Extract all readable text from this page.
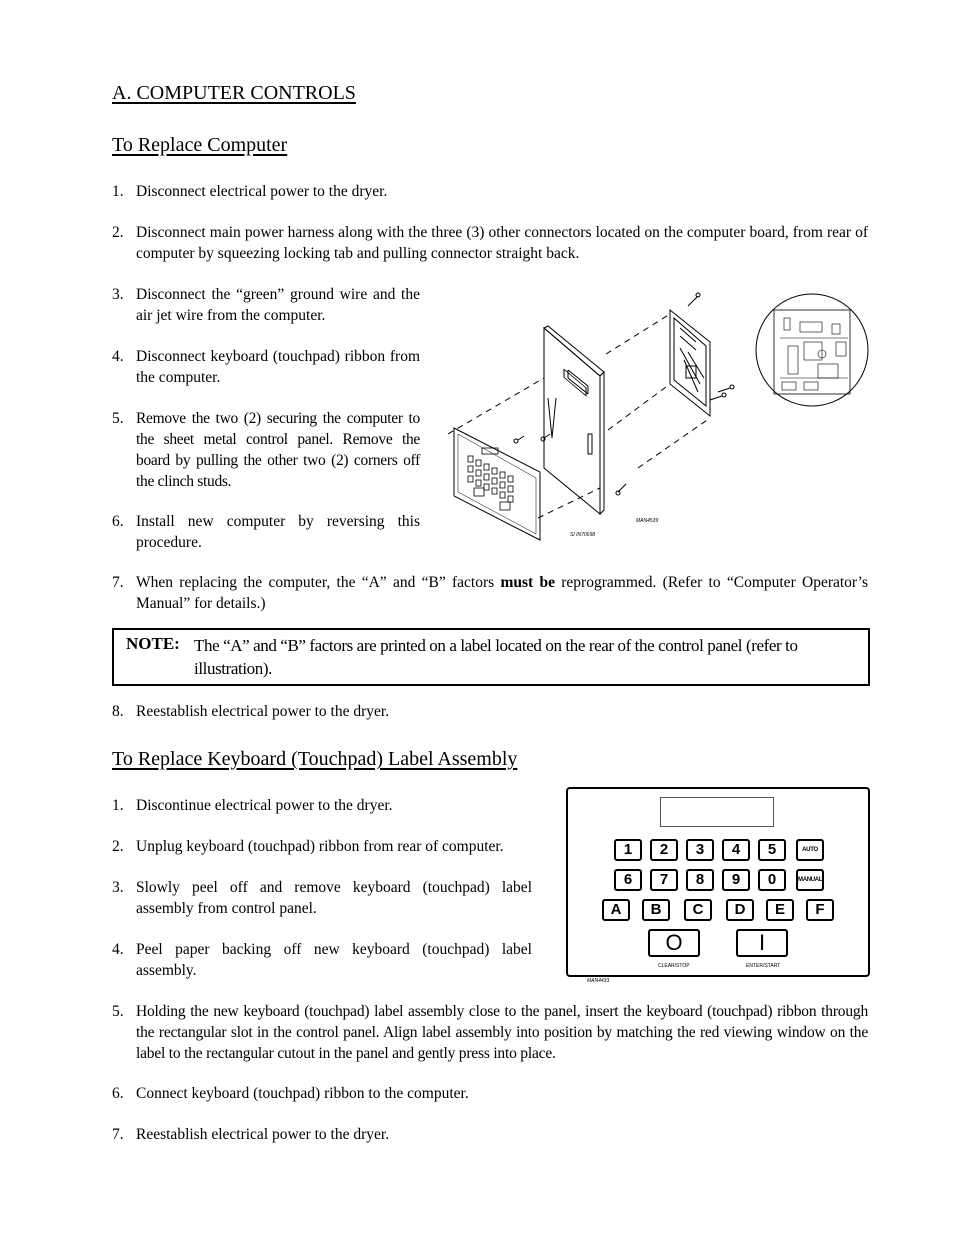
A. COMPUTER CONTROLS
To Replace Computer
1. Disconnect electrical power to the dryer.
2. Disconnect main power harness along with the three (3) other connectors located on the computer board, from rear of computer by squeezing locking tab and pulling connector straight back.
3. Disconnect the “green” ground wire and the air jet wire from the computer.
4. Disconnect keyboard (touchpad) ribbon from the computer.
5. Remove the two (2) securing the computer to the sheet metal control panel. Remove the board by pulling the other two (2) corners off the clinch studs.
6. Install new computer by reversing this procedure.
7. When replacing the computer, the “A” and “B” factors must be reprogrammed. (Refer to “Computer Operator’s Manual” for details.)
NOTE: The “A” and “B” factors are printed on a label located on the rear of the control panel (refer to illustration).
8. Reestablish electrical power to the dryer.
MAN4539
SI IN70698
To Replace Keyboard (Touchpad) Label Assembly
1. Discontinue electrical power to the dryer.
2. Unplug keyboard (touchpad) ribbon from rear of computer.
3. Slowly peel off and remove keyboard (touchpad) label assembly from control panel.
4. Peel paper backing off new keyboard (touchpad) label assembly.
5. Holding the new keyboard (touchpad) label assembly close to the panel, insert the keyboard (touchpad) ribbon through the rectangular slot in the control panel. Align label assembly into position by matching the red viewing window on the label to the rectangular cutout in the panel and gently press into place.
6. Connect keyboard (touchpad) ribbon to the computer.
7. Reestablish electrical power to the dryer.
1	2	3	4	5	AUTO
6	7	8	9	0	MANUAL
A	B	C	D	E	F
O	I
CLEAR/STOP	ENTER/START
MAN4433
